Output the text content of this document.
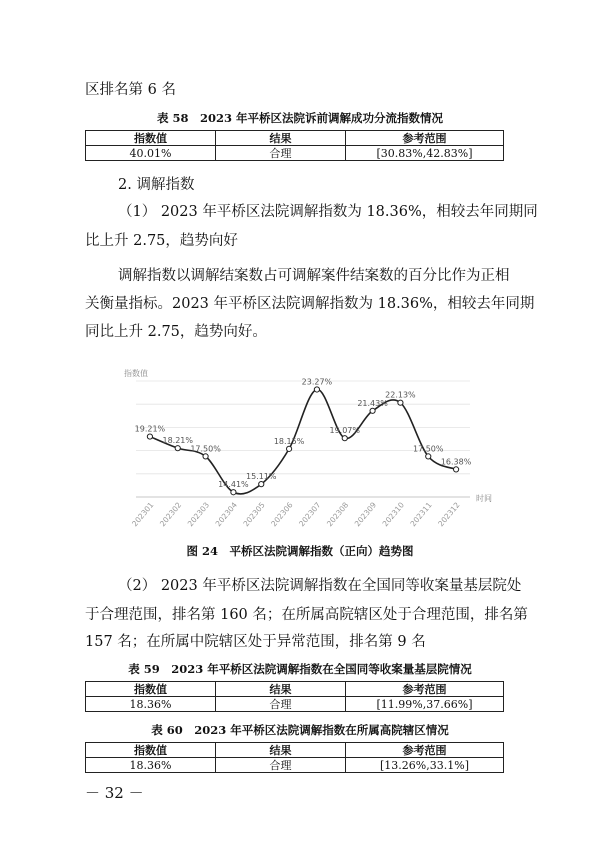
区排名第 6 名
表 58　2023 年平桥区法院诉前调解成功分流指数情况
指数值	结果	参考范围
40.01%	合理	[30.83%,42.83%]
2. 调解指数
（1） 2023 年平桥区法院调解指数为 18.36%，相较去年同期同
比上升 2.75，趋势向好
调解指数以调解结案数占可调解案件结案数的百分比作为正相
关衡量指标。2023 年平桥区法院调解指数为 18.36%，相较去年同期
同比上升 2.75，趋势向好。
指数值
时间
19.21%
202301
18.21%
202302
17.50%
202303
14.41%
202304
15.11%
202305
18.15%
202306
23.27%
202307
19.07%
202308
21.43%
202309
22.13%
202310
17.50%
202311
16.38%
202312
图 24　平桥区法院调解指数（正向）趋势图
（2） 2023 年平桥区法院调解指数在全国同等收案量基层院处
于合理范围，排名第 160 名；在所属高院辖区处于合理范围，排名第
157 名；在所属中院辖区处于异常范围，排名第 9 名
表 59　2023 年平桥区法院调解指数在全国同等收案量基层院情况
指数值	结果	参考范围
18.36%	合理	[11.99%,37.66%]
表 60　2023 年平桥区法院调解指数在所属高院辖区情况
指数值	结果	参考范围
18.36%	合理	[13.26%,33.1%]
－ 32 －
